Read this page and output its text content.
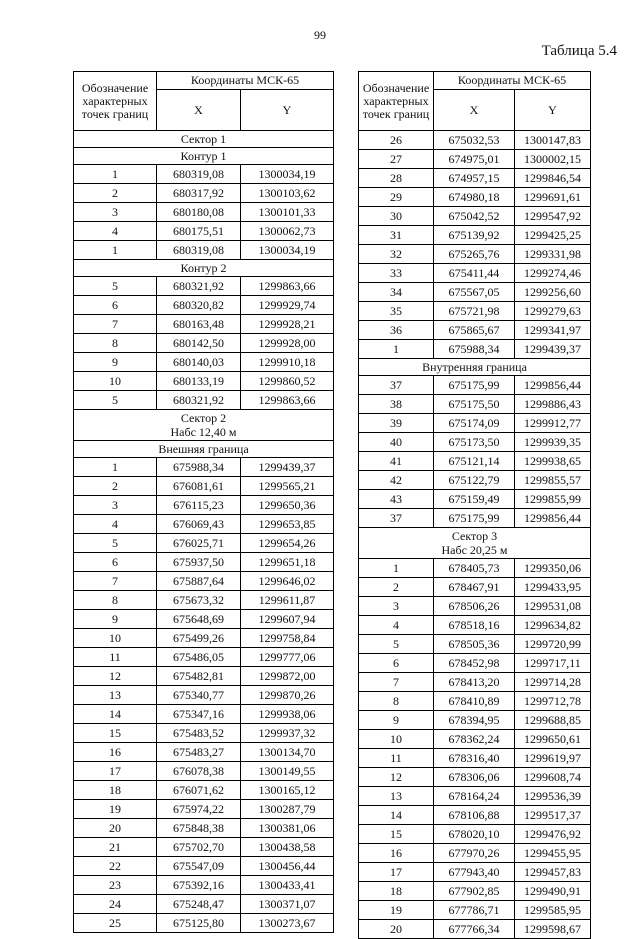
99
Таблица 5.4
Обозначение характерных точек границ	Координаты МСК-65	
	X	Y

Сектор 1		

Контур 1		

1	680319,08	1300034,19
2	680317,92	1300103,62
3	680180,08	1300101,33
4	680175,51	1300062,73
1	680319,08	1300034,19

Контур 2		

5	680321,92	1299863,66
6	680320,82	1299929,74
7	680163,48	1299928,21
8	680142,50	1299928,00
9	680140,03	1299910,18
10	680133,19	1299860,52
5	680321,92	1299863,66

Сектор 2
Набс 12,40 м		

Внешняя граница		

1	675988,34	1299439,37
2	676081,61	1299565,21
3	676115,23	1299650,36
4	676069,43	1299653,85
5	676025,71	1299654,26
6	675937,50	1299651,18
7	675887,64	1299646,02
8	675673,32	1299611,87
9	675648,69	1299607,94
10	675499,26	1299758,84
11	675486,05	1299777,06
12	675482,81	1299872,00
13	675340,77	1299870,26
14	675347,16	1299938,06
15	675483,52	1299937,32
16	675483,27	1300134,70
17	676078,38	1300149,55
18	676071,62	1300165,12
19	675974,22	1300287,79
20	675848,38	1300381,06
21	675702,70	1300438,58
22	675547,09	1300456,44
23	675392,16	1300433,41
24	675248,47	1300371,07
25	675125,80	1300273,67
Обозначение характерных точек границ	Координаты МСК-65	
	X	Y
26	675032,53	1300147,83
27	674975,01	1300002,15
28	674957,15	1299846,54
29	674980,18	1299691,61
30	675042,52	1299547,92
31	675139,92	1299425,25
32	675265,76	1299331,98
33	675411,44	1299274,46
34	675567,05	1299256,60
35	675721,98	1299279,63
36	675865,67	1299341,97
1	675988,34	1299439,37

Внутренняя граница		

37	675175,99	1299856,44
38	675175,50	1299886,43
39	675174,09	1299912,77
40	675173,50	1299939,35
41	675121,14	1299938,65
42	675122,79	1299855,57
43	675159,49	1299855,99
37	675175,99	1299856,44

Сектор 3
Набс 20,25 м		

1	678405,73	1299350,06
2	678467,91	1299433,95
3	678506,26	1299531,08
4	678518,16	1299634,82
5	678505,36	1299720,99
6	678452,98	1299717,11
7	678413,20	1299714,28
8	678410,89	1299712,78
9	678394,95	1299688,85
10	678362,24	1299650,61
11	678316,40	1299619,97
12	678306,06	1299608,74
13	678164,24	1299536,39
14	678106,88	1299517,37
15	678020,10	1299476,92
16	677970,26	1299455,95
17	677943,40	1299457,83
18	677902,85	1299490,91
19	677786,71	1299585,95
20	677766,34	1299598,67
